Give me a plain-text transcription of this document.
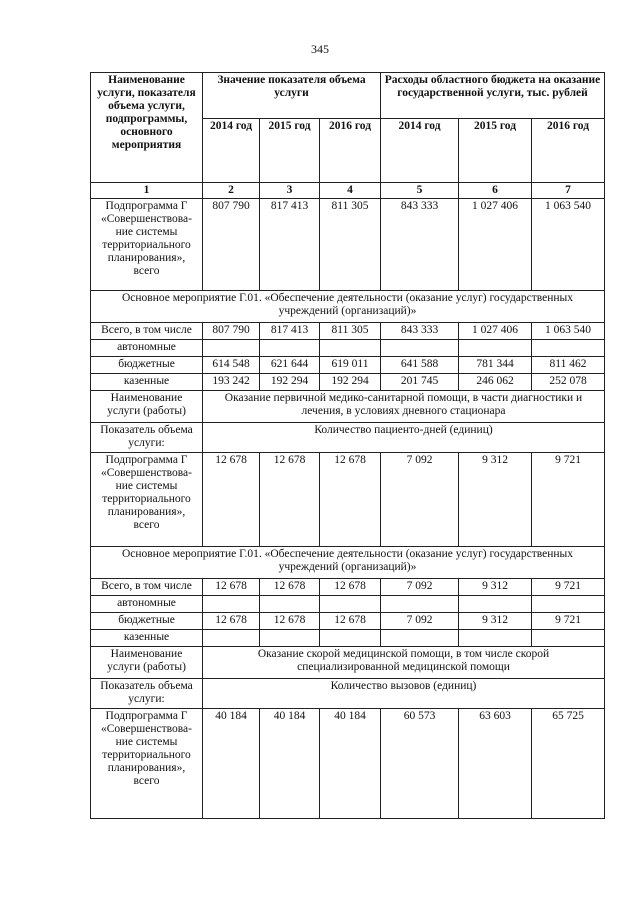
345
Наименование услуги, показателя объема услуги, подпрограммы, основного мероприятия	Значение показателя объема услуги			Расходы областного бюджета на оказание государственной услуги, тыс. рублей		
	2014 год	2015 год	2016 год	2014 год	2015 год	2016 год
1	2	3	4	5	6	7
Подпрограмма Г «Совершенствова-ние системы территориального планирования», всего	807 790	817 413	811 305	843 333	1 027 406	1 063 540
Основное мероприятие Г.01. «Обеспечение деятельности (оказание услуг) государственных учреждений (организаций)»						
Всего, в том числе	807 790	817 413	811 305	843 333	1 027 406	1 063 540
автономные						
бюджетные	614 548	621 644	619 011	641 588	781 344	811 462
казенные	193 242	192 294	192 294	201 745	246 062	252 078
Наименование услуги (работы)	Оказание первичной медико-санитарной помощи, в части диагностики и лечения, в условиях дневного стационара					
Показатель объема услуги:	Количество пациенто-дней (единиц)					
Подпрограмма Г «Совершенствова-ние системы территориального планирования», всего	12 678	12 678	12 678	7 092	9 312	9 721
Основное мероприятие Г.01. «Обеспечение деятельности (оказание услуг) государственных учреждений (организаций)»						
Всего, в том числе	12 678	12 678	12 678	7 092	9 312	9 721
автономные						
бюджетные	12 678	12 678	12 678	7 092	9 312	9 721
казенные						
Наименование услуги (работы)	Оказание скорой медицинской помощи, в том числе скорой специализированной медицинской помощи					
Показатель объема услуги:	Количество вызовов (единиц)					
Подпрограмма Г «Совершенствова-ние системы территориального планирования», всего	40 184	40 184	40 184	60 573	63 603	65 725
